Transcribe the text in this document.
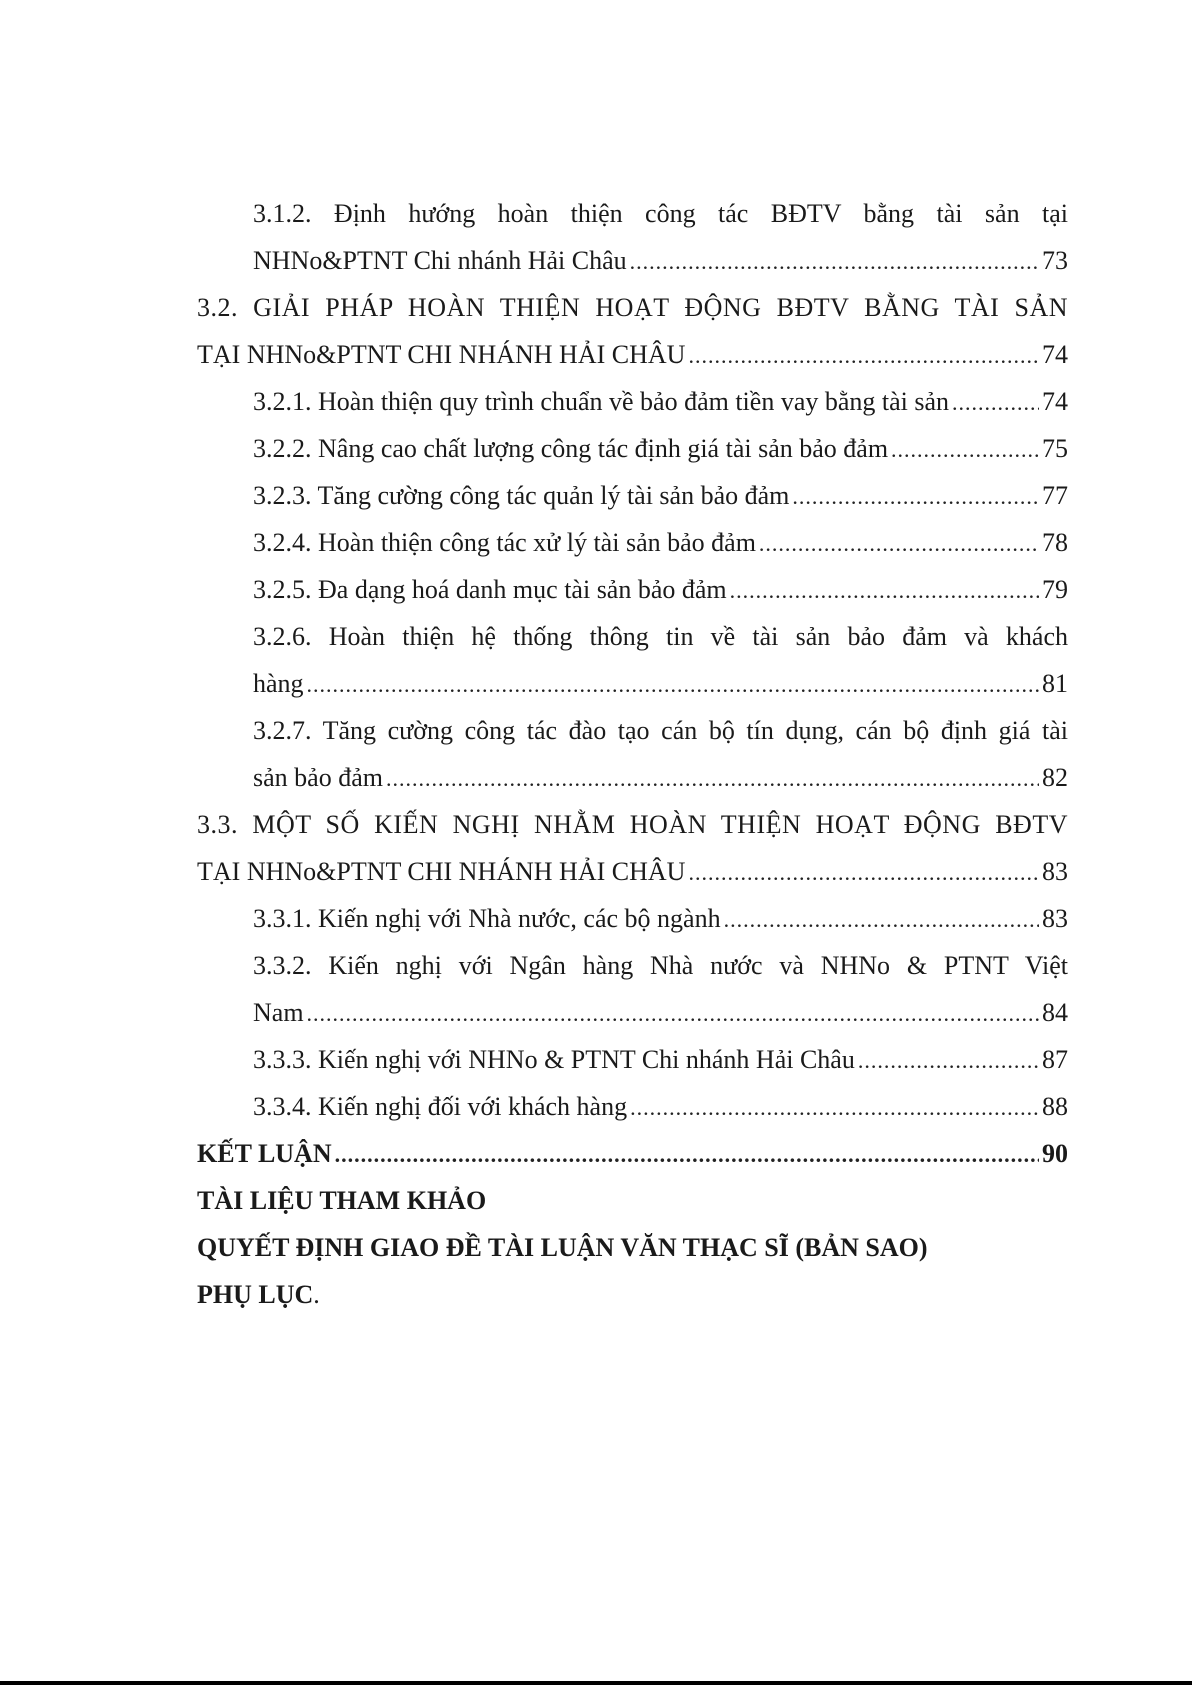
3.1.2. Định hướng hoàn thiện công tác BĐTV bằng tài sản tại
NHNo&PTNT Chi nhánh Hải Châu .....	73
3.2. GIẢI PHÁP HOÀN THIỆN HOẠT ĐỘNG BĐTV BẰNG TÀI SẢN
TẠI NHNo&PTNT CHI NHÁNH HẢI CHÂU .....	74
3.2.1. Hoàn thiện quy trình chuẩn về bảo đảm tiền vay bằng tài sản .....	74
3.2.2. Nâng cao chất lượng công tác định giá tài sản bảo đảm .....	75
3.2.3. Tăng cường công tác quản lý tài sản bảo đảm .....	77
3.2.4. Hoàn thiện công tác xử lý tài sản bảo đảm .....	78
3.2.5. Đa dạng hoá danh mục tài sản bảo đảm .....	79
3.2.6. Hoàn thiện hệ thống thông tin về tài sản bảo đảm và khách
hàng .....	81
3.2.7. Tăng cường công tác đào tạo cán bộ tín dụng, cán bộ định giá tài
sản bảo đảm .....	82
3.3. MỘT SỐ KIẾN NGHỊ NHẰM HOÀN THIỆN HOẠT ĐỘNG BĐTV
TẠI NHNo&PTNT CHI NHÁNH HẢI CHÂU .....	83
3.3.1. Kiến nghị với Nhà nước, các bộ ngành .....	83
3.3.2. Kiến nghị với Ngân hàng Nhà nước và NHNo & PTNT Việt
Nam .....	84
3.3.3. Kiến nghị với NHNo & PTNT Chi nhánh Hải Châu .....	87
3.3.4. Kiến nghị đối với khách hàng .....	88
KẾT LUẬN .....	90
TÀI LIỆU THAM KHẢO
QUYẾT ĐỊNH GIAO ĐỀ TÀI LUẬN VĂN THẠC SĨ (BẢN SAO)
PHỤ LỤC .
